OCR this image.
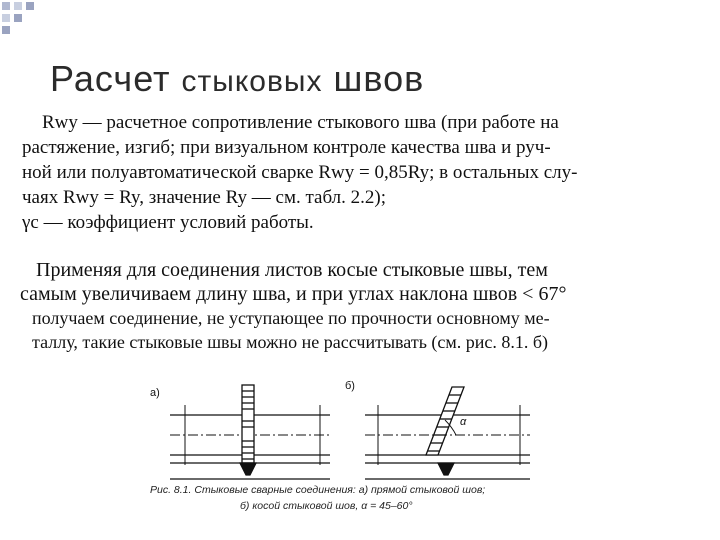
Расчет стыковых швов
Rwy — расчетное сопротивление стыкового шва (при работе на
растяжение, изгиб; при визуальном контроле качества шва и руч-
ной или полуавтоматической сварке Rwy = 0,85Ry; в остальных слу-
чаях Rwy = Ry, значение Ry — см. табл. 2.2);
γc — коэффициент условий работы.
Применяя для соединения листов косые стыковые швы, тем
самым увеличиваем длину шва, и при углах наклона швов < 67°
получаем соединение, не уступающее по прочности основному ме-
таллу, такие стыковые швы можно не рассчитывать (см. рис. 8.1. б)
а)
б)
α
Рис. 8.1. Стыковые сварные соединения: а) прямой стыковой шов;
б) косой стыковой шов, α = 45–60°
